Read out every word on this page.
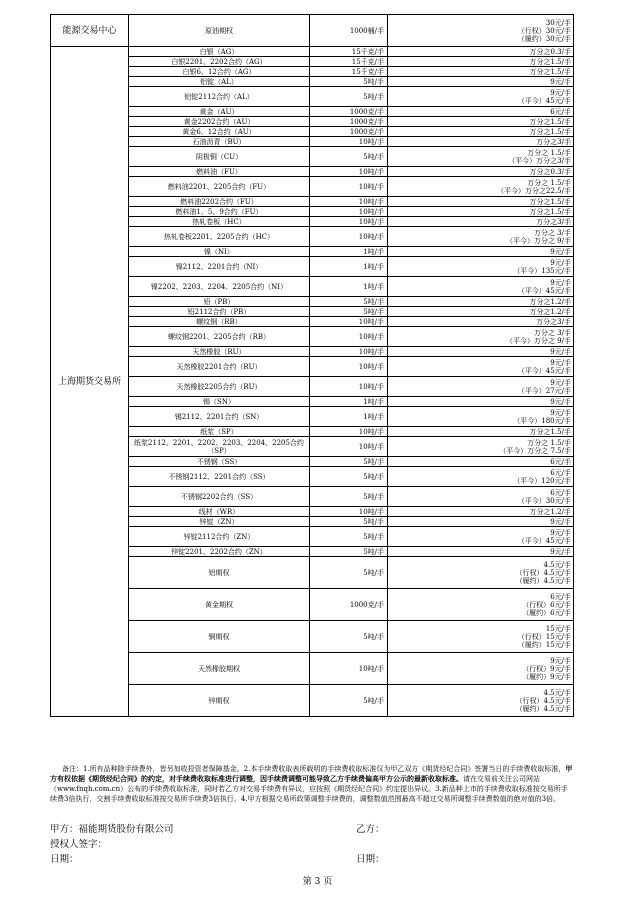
能源交易中心	原油期权	1000桶/手	30元/手
（行权）30元/手
（履约）30元/手

上海期货交易所	白银（AG）	15千克/手	万分之0.3/手

	白银2201、2202合约（AG）	15千克/手	万分之1.5/手

	白银6、12合约（AG）	15千克/手	万分之1.5/手

	铝锭（AL）	5吨/手	9元/手

	铝锭2112合约（AL）	5吨/手	9元/手
（平今）45元/手

	黄金（AU）	1000克/手	6元/手

	黄金2202合约（AU）	1000克/手	万分之1.5/手

	黄金6、12合约（AU）	1000克/手	万分之1.5/手

	石油沥青（BU）	10吨/手	万分之3/手

	阴极铜（CU）	5吨/手	万分之 1.5/手
（平今）万分之3/手

	燃料油（FU）	10吨/手	万分之0.3/手

	燃料油2201、2205合约（FU）	10吨/手	万分之 1.5/手
（平今）万分之22.5/手

	燃料油2202合约（FU）	10吨/手	万分之1.5/手

	燃料油1、5、9合约（FU）	10吨/手	万分之1.5/手

	热轧卷板（HC）	10吨/手	万分之3/手

	热轧卷板2201、2205合约（HC）	10吨/手	万分之 3/手
（平今）万分之 9/手

	镍（NI）	1吨/手	9元/手

	镍2112、2201合约（NI）	1吨/手	9元/手
（平今）135元/手

	镍2202、2203、2204、2205合约（NI）	1吨/手	9元/手
（平今）45元/手

	铅（PB）	5吨/手	万分之1.2/手

	铅2112合约（PB）	5吨/手	万分之1.2/手

	螺纹钢（RB）	10吨/手	万分之3/手

	螺纹钢2201、2205合约（RB）	10吨/手	万分之 3/手
（平今）万分之 9/手

	天然橡胶（RU）	10吨/手	9元/手

	天然橡胶2201合约（RU）	10吨/手	9元/手
（平今）45元/手

	天然橡胶2205合约（RU）	10吨/手	9元/手
（平今）27元/手

	锡（SN）	1吨/手	9元/手

	锡2112、2201合约（SN）	1吨/手	9元/手
（平今）180元/手

	纸浆（SP）	10吨/手	万分之1.5/手

	纸浆2112、2201、2202、2203、2204、2205合约（SP）	10吨/手	万分之 1.5/手
（平今）万分之 7.5/手

	不锈钢（SS）	5吨/手	6元/手

	不锈钢2112、2201合约（SS）	5吨/手	6元/手
（平今）120元/手

	不锈钢2202合约（SS）	5吨/手	6元/手
（平今）30元/手

	线材（WR）	10吨/手	万分之1.2/手

	锌锭（ZN）	5吨/手	9元/手

	锌锭2112合约（ZN）	5吨/手	9元/手
（平今）45元/手

	锌锭2201、2202合约（ZN）	5吨/手	9元/手

	铝期权	5吨/手	4.5元/手
（行权）4.5元/手
（履约）4.5元/手

	黄金期权	1000克/手	6元/手
（行权）6元/手
（履约）6元/手

	铜期权	5吨/手	15元/手
（行权）15元/手
（履约）15元/手

	天然橡胶期权	10吨/手	9元/手
（行权）9元/手
（履约）9元/手

	锌期权	5吨/手	4.5元/手
（行权）4.5元/手
（履约）4.5元/手
备注：1.所有品种除手续费外，皆另加收投资者保障基金。2.本手续费收取表所载明的手续费收取标准仅为甲乙双方《期货经纪合同》签署当日的手续费收取标准，甲方有权依据《期货经纪合同》的约定，对手续费收取标准进行调整，因手续费调整可能导致乙方手续费偏高甲方公示的最新收取标准。请在交易前关注公司网站（www.fnqh.com.cn）公布的手续费收取标准，同时若乙方对交易手续费有异议，应按照《期货经纪合同》约定提出异议。3.新品种上市的手续费收取标准按交易所手续费3倍执行，交割手续费收取标准按交易所手续费3倍执行。4.甲方根据交易所政策调整手续费的，调整数值范围最高不超过交易所调整手续费数值的绝对值的3倍。
甲方：福能期货股份有限公司	乙方：
授权人签字：
日期：	日期：
第 3 页
